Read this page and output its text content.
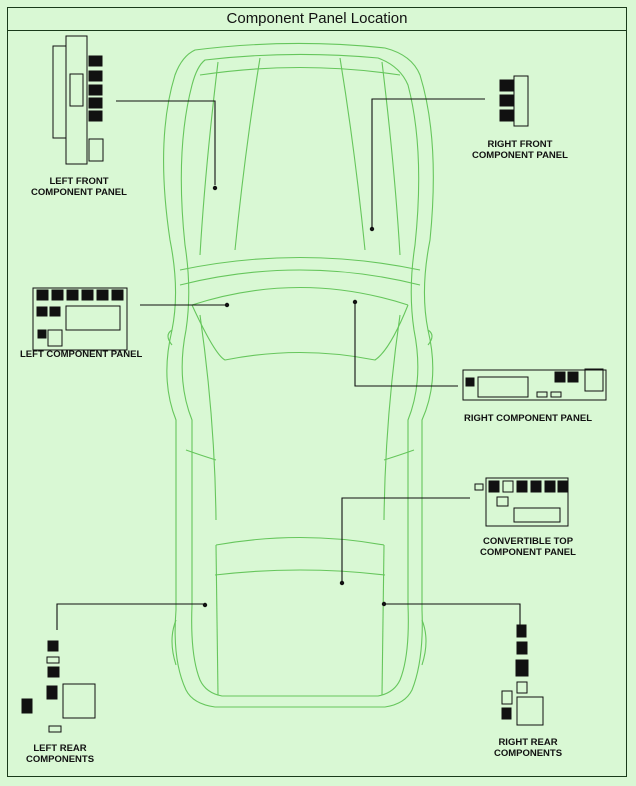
Component Panel Location
LEFT FRONT
COMPONENT PANEL
RIGHT FRONT
COMPONENT PANEL
LEFT COMPONENT PANEL
RIGHT COMPONENT PANEL
CONVERTIBLE TOP
COMPONENT PANEL
LEFT REAR
COMPONENTS
RIGHT REAR
COMPONENTS
